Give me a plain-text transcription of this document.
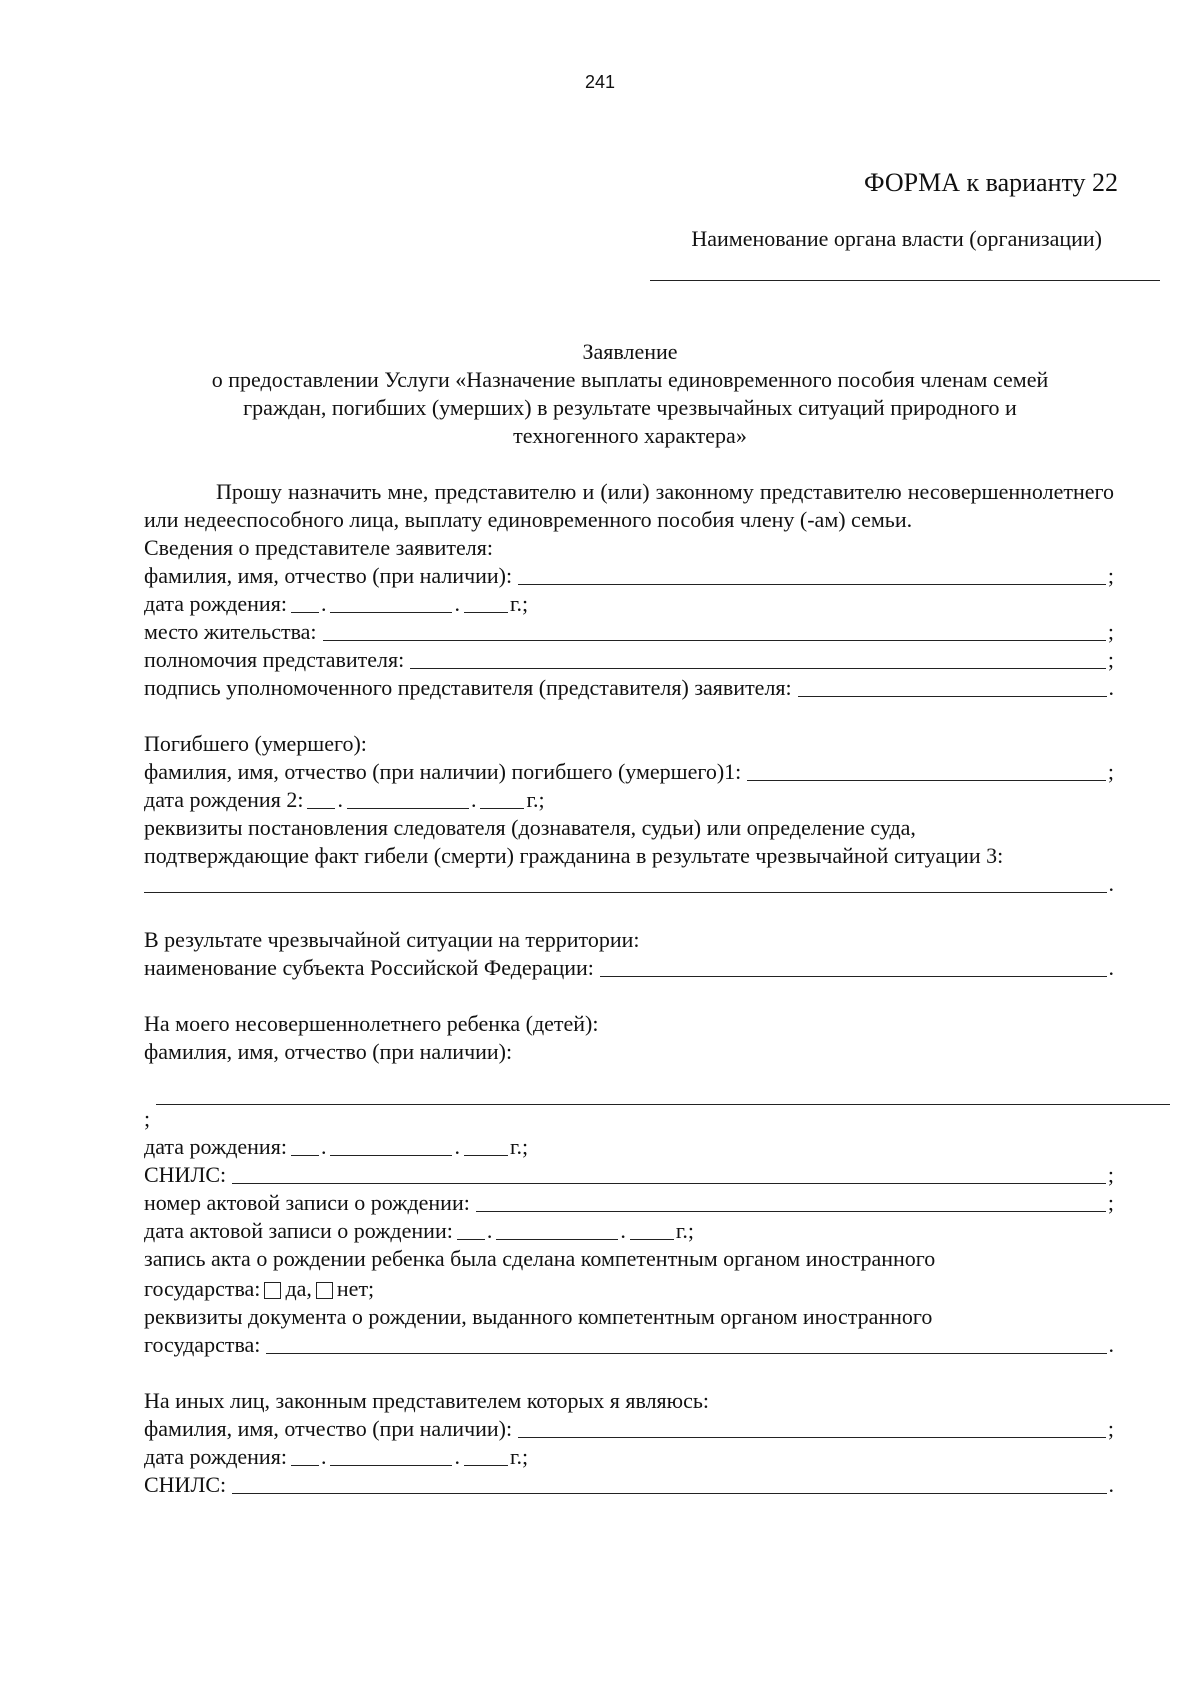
241
ФОРМА к варианту 22
Наименование органа власти (организации)
Заявление
о предоставлении Услуги «Назначение выплаты единовременного пособия членам семей
граждан, погибших (умерших) в результате чрезвычайных ситуаций природного и
техногенного характера»
Прошу назначить мне, представителю и (или) законному представителю несовершеннолетнего или недееспособного лица, выплату единовременного пособия члену (-ам) семьи.
Сведения о представителе заявителя:
фамилия, имя, отчество (при наличии):	;
дата рождения: .	. г.;
место жительства:	;
полномочия представителя:	;
подпись уполномоченного представителя (представителя) заявителя:	.
Погибшего (умершего):
фамилия, имя, отчество (при наличии) погибшего (умершего)1:	;
дата рождения 2: .	. г.;
реквизиты постановления следователя (дознавателя, судьи) или определение суда,
подтверждающие факт гибели (смерти) гражданина в результате чрезвычайной ситуации 3:
.
В результате чрезвычайной ситуации на территории:
наименование субъекта Российской Федерации:	.
На моего несовершеннолетнего ребенка (детей):
фамилия, имя, отчество (при наличии):
;
дата рождения: .	. г.;
СНИЛС:	;
номер актовой записи о рождении:	;
дата актовой записи о рождении: .	. г.;
запись акта о рождении ребенка была сделана компетентным органом иностранного
государства: да, нет;
реквизиты документа о рождении, выданного компетентным органом иностранного
государства:	.
На иных лиц, законным представителем которых я являюсь:
фамилия, имя, отчество (при наличии):	;
дата рождения: .	. г.;
СНИЛС:	.
